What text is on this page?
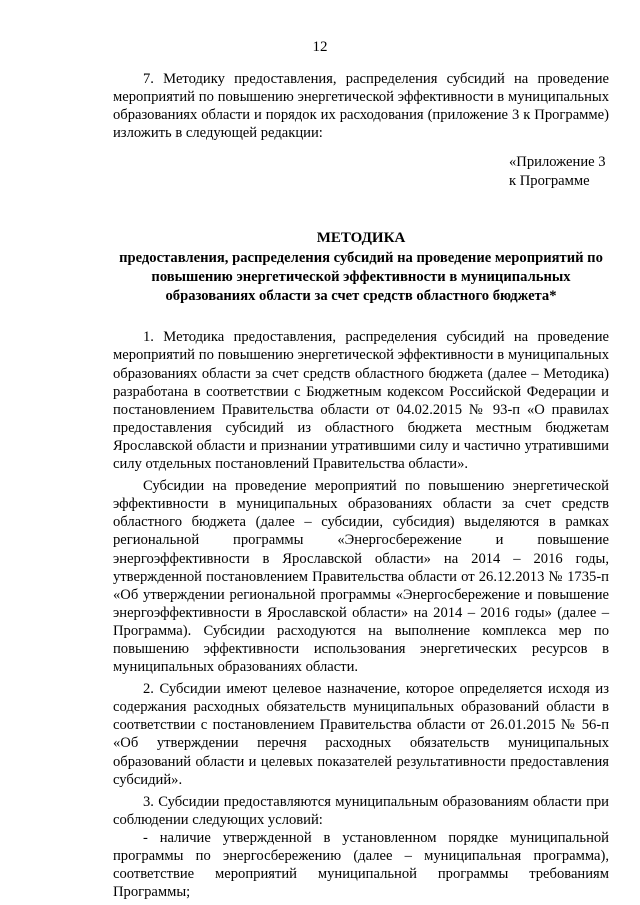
12

7. Методику предоставления, распределения субсидий на проведение мероприятий по повышению энергетической эффективности в муниципальных образованиях области и порядок их расходования (приложение 3 к Программе) изложить в следующей редакции:

«Приложение 3
к Программе
МЕТОДИКА
предоставления, распределения субсидий на проведение мероприятий по повышению энергетической эффективности в муниципальных образованиях области за счет средств областного бюджета*

1. Методика предоставления, распределения субсидий на проведение мероприятий по повышению энергетической эффективности в муниципальных образованиях области за счет средств областного бюджета (далее – Методика) разработана в соответствии с Бюджетным кодексом Российской Федерации и постановлением Правительства области от 04.02.2015 № 93-п «О правилах предоставления субсидий из областного бюджета местным бюджетам Ярославской области и признании утратившими силу и частично утратившими силу отдельных постановлений Правительства области».

Субсидии на проведение мероприятий по повышению энергетической эффективности в муниципальных образованиях области за счет средств областного бюджета (далее – субсидии, субсидия) выделяются в рамках региональной программы «Энергосбережение и повышение энергоэффективности в Ярославской области» на 2014 – 2016 годы, утвержденной постановлением Правительства области от 26.12.2013 № 1735-п «Об утверждении региональной программы «Энергосбережение и повышение энергоэффективности в Ярославской области» на 2014 – 2016 годы» (далее – Программа). Субсидии расходуются на выполнение комплекса мер по повышению эффективности использования энергетических ресурсов в муниципальных образованиях области.

2. Субсидии имеют целевое назначение, которое определяется исходя из содержания расходных обязательств муниципальных образований области в соответствии с постановлением Правительства области от 26.01.2015 № 56-п «Об утверждении перечня расходных обязательств муниципальных образований области и целевых показателей результативности предоставления субсидий».

3. Субсидии предоставляются муниципальным образованиям области при соблюдении следующих условий:

- наличие утвержденной в установленном порядке муниципальной программы по энергосбережению (далее – муниципальная программа), соответствие мероприятий муниципальной программы требованиям Программы;
